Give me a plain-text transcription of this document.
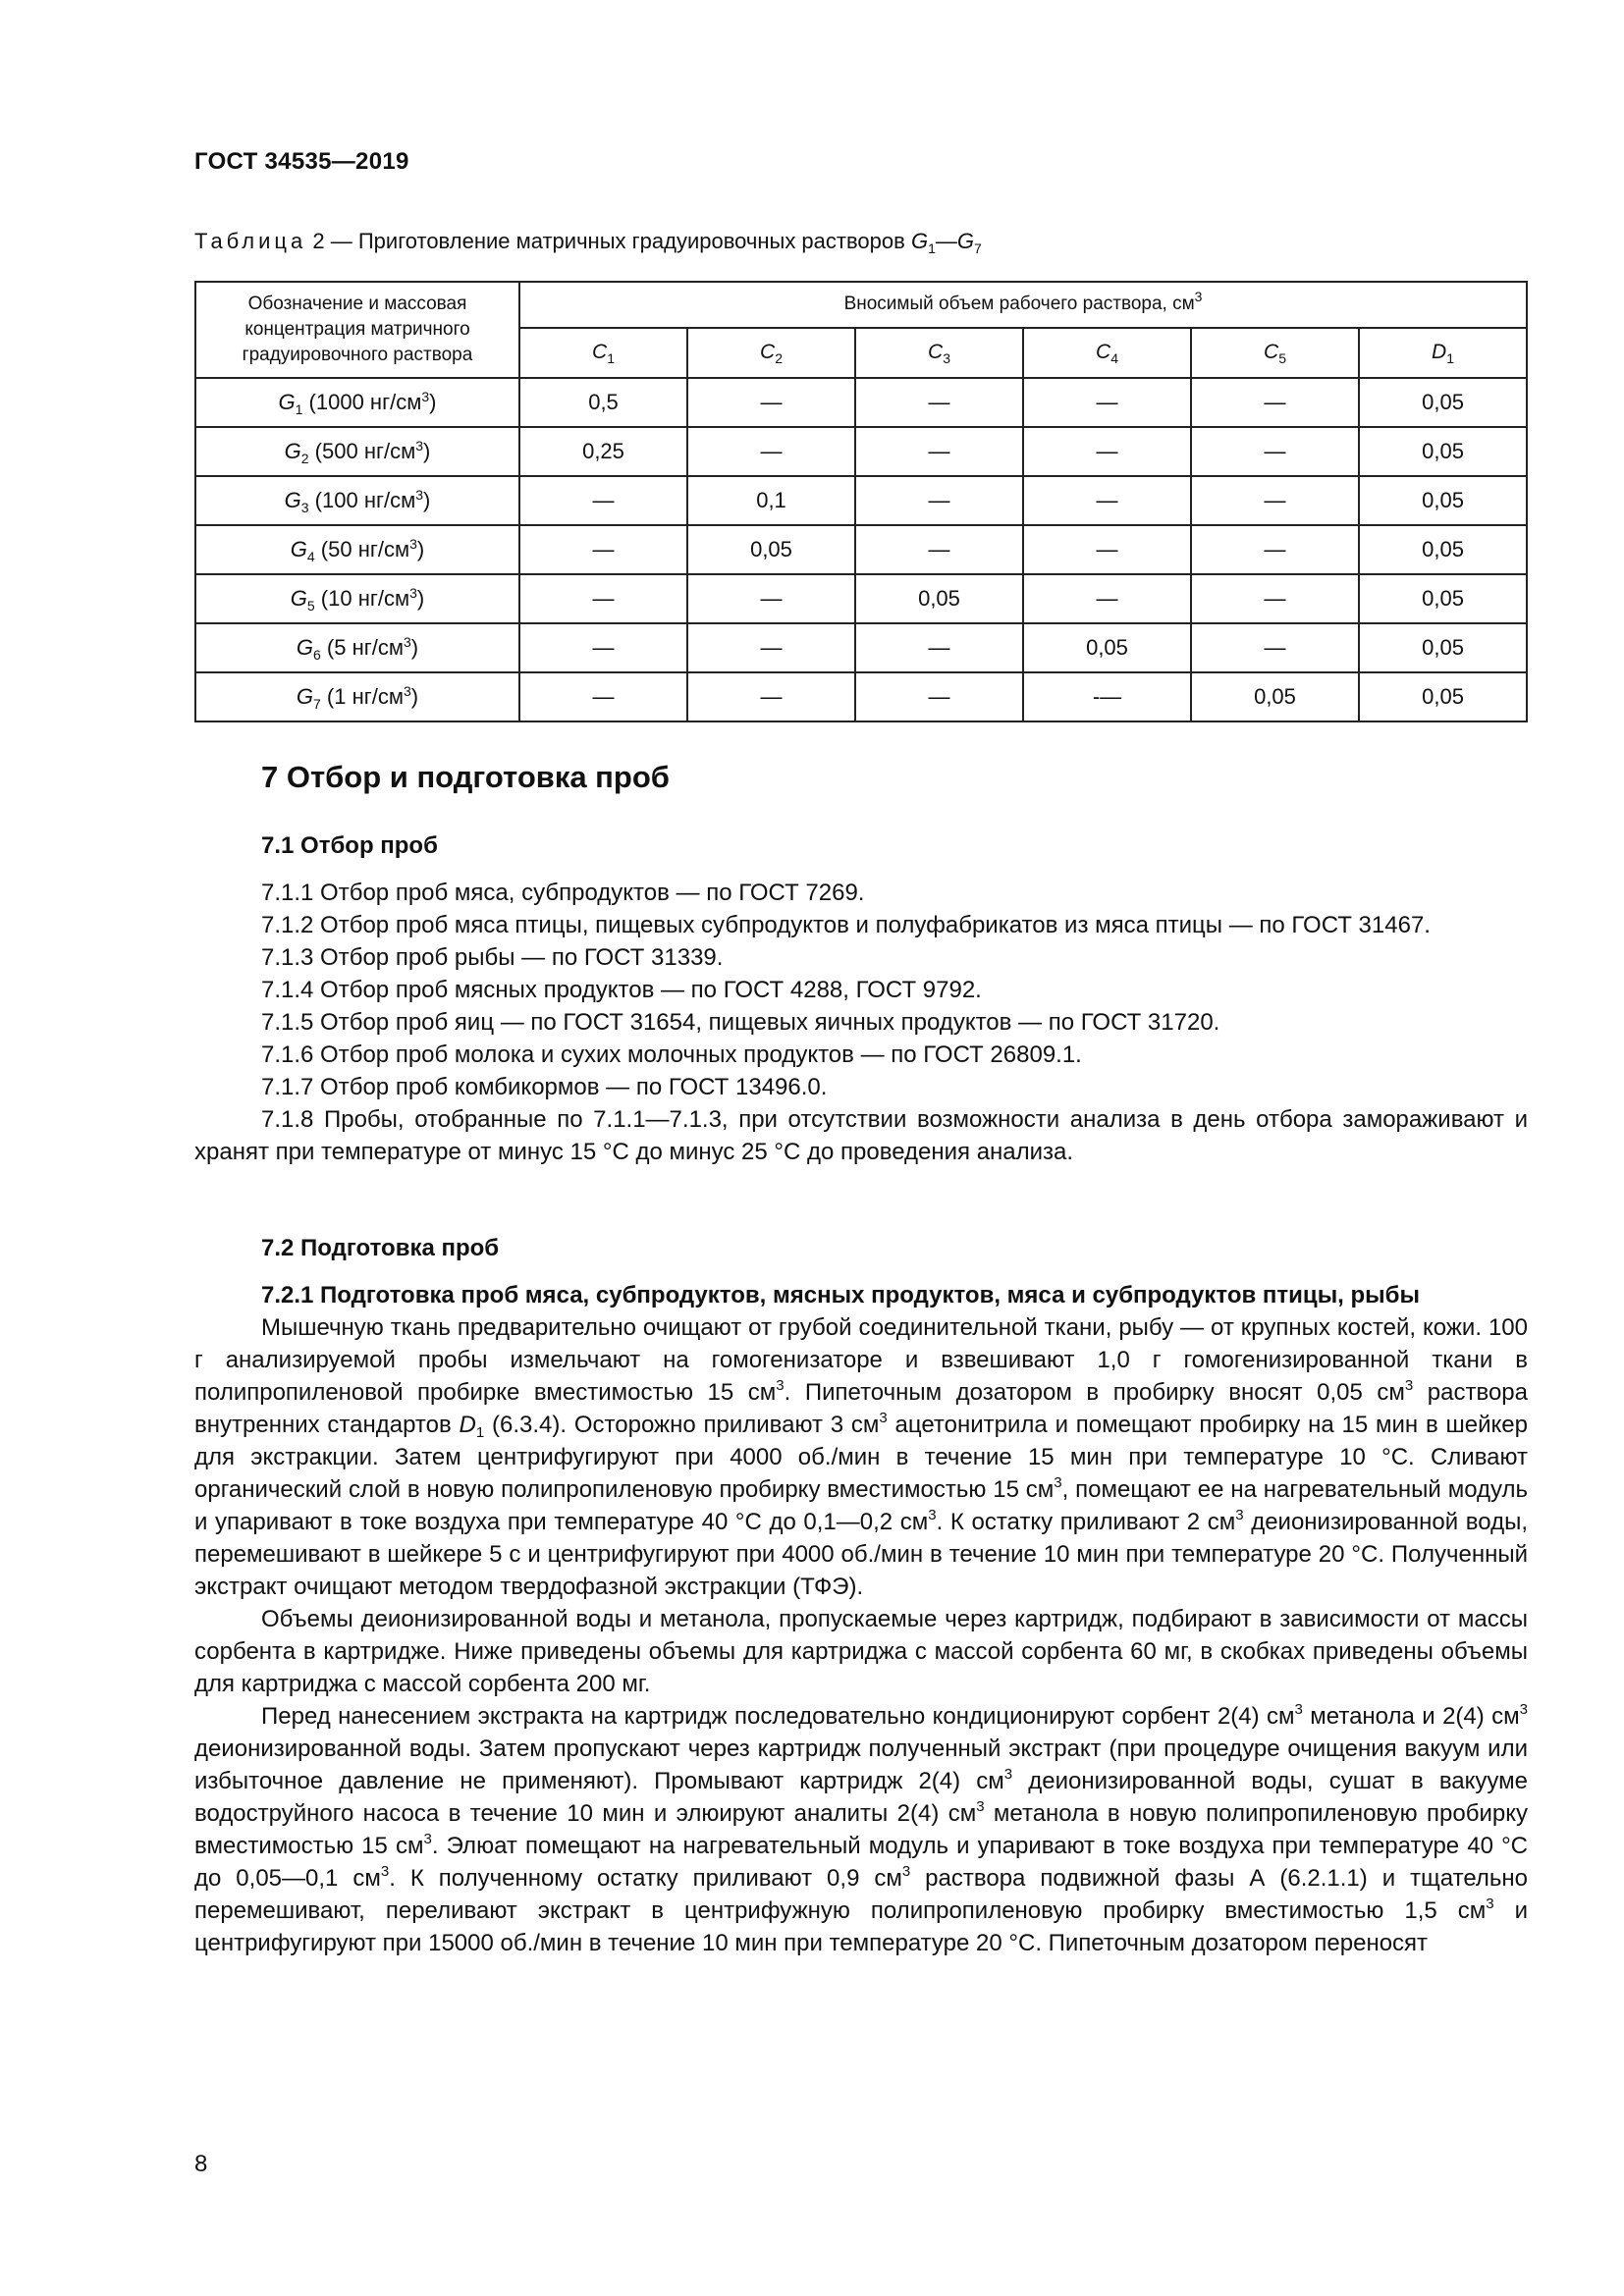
ГОСТ 34535—2019
Таблица 2 — Приготовление матричных градуировочных растворов $G_1—G_7$
Обозначение и массовая концентрация матричного градуировочного раствора	Вносимый объем рабочего раствора, $см^3$
	$C_1$	$C_2$	$C_3$	$C_4$	$C_5$	$D_1$
$G_1$ (1000 $нг/см^3$)	0,5	—	—	—	—	0,05
$G_2$ (500 $нг/см^3$)	0,25	—	—	—	—	0,05
$G_3$ (100 $нг/см^3$)	—	0,1	—	—	—	0,05
$G_4$ (50 $нг/см^3$)	—	0,05	—	—	—	0,05
$G_5$ (10 $нг/см^3$)	—	—	0,05	—	—	0,05
$G_6$ (5 $нг/см^3$)	—	—	—	0,05	—	0,05
$G_7$ (1 $нг/см^3$)	—	—	—	-—	0,05	0,05
7 Отбор и подготовка проб
7.1 Отбор проб
7.1.1 Отбор проб мяса, субпродуктов — по ГОСТ 7269.
7.1.2 Отбор проб мяса птицы, пищевых субпродуктов и полуфабрикатов из мяса птицы — по ГОСТ 31467.
7.1.3 Отбор проб рыбы — по ГОСТ 31339.
7.1.4 Отбор проб мясных продуктов — по ГОСТ 4288, ГОСТ 9792.
7.1.5 Отбор проб яиц — по ГОСТ 31654, пищевых яичных продуктов — по ГОСТ 31720.
7.1.6 Отбор проб молока и сухих молочных продуктов — по ГОСТ 26809.1.
7.1.7 Отбор проб комбикормов — по ГОСТ 13496.0.
7.1.8 Пробы, отобранные по 7.1.1—7.1.3, при отсутствии возможности анализа в день отбора замораживают и хранят при температуре от минус 15 °С до минус 25 °С до проведения анализа.
7.2 Подготовка проб
7.2.1 Подготовка проб мяса, субпродуктов, мясных продуктов, мяса и субпродуктов птицы, рыбы
Мышечную ткань предварительно очищают от грубой соединительной ткани, рыбу — от крупных костей, кожи. 100 г анализируемой пробы измельчают на гомогенизаторе и взвешивают 1,0 г гомогенизированной ткани в полипропиленовой пробирке вместимостью 15 $см^3$. Пипеточным дозатором в пробирку вносят 0,05 $см^3$ раствора внутренних стандартов $D_1$ (6.3.4). Осторожно приливают 3 $см^3$ ацетонитрила и помещают пробирку на 15 мин в шейкер для экстракции. Затем центрифугируют при 4000 об./мин в течение 15 мин при температуре 10 °С. Сливают органический слой в новую полипропиленовую пробирку вместимостью 15 $см^3$, помещают ее на нагревательный модуль и упаривают в токе воздуха при температуре 40 °С до 0,1—0,2 $см^3$. К остатку приливают 2 $см^3$ деионизированной воды, перемешивают в шейкере 5 с и центрифугируют при 4000 об./мин в течение 10 мин при температуре 20 °С. Полученный экстракт очищают методом твердофазной экстракции (ТФЭ).
Объемы деионизированной воды и метанола, пропускаемые через картридж, подбирают в зависимости от массы сорбента в картридже. Ниже приведены объемы для картриджа с массой сорбента 60 мг, в скобках приведены объемы для картриджа с массой сорбента 200 мг.
Перед нанесением экстракта на картридж последовательно кондиционируют сорбент 2(4) $см^3$ метанола и 2(4) $см^3$ деионизированной воды. Затем пропускают через картридж полученный экстракт (при процедуре очищения вакуум или избыточное давление не применяют). Промывают картридж 2(4) $см^3$ деионизированной воды, сушат в вакууме водоструйного насоса в течение 10 мин и элюируют аналиты 2(4) $см^3$ метанола в новую полипропиленовую пробирку вместимостью 15 $см^3$. Элюат помещают на нагревательный модуль и упаривают в токе воздуха при температуре 40 °С до 0,05—0,1 $см^3$. К полученному остатку приливают 0,9 $см^3$ раствора подвижной фазы А (6.2.1.1) и тщательно перемешивают, переливают экстракт в центрифужную полипропиленовую пробирку вместимостью 1,5 $см^3$ и центрифугируют при 15000 об./мин в течение 10 мин при температуре 20 °С. Пипеточным дозатором переносят
8
